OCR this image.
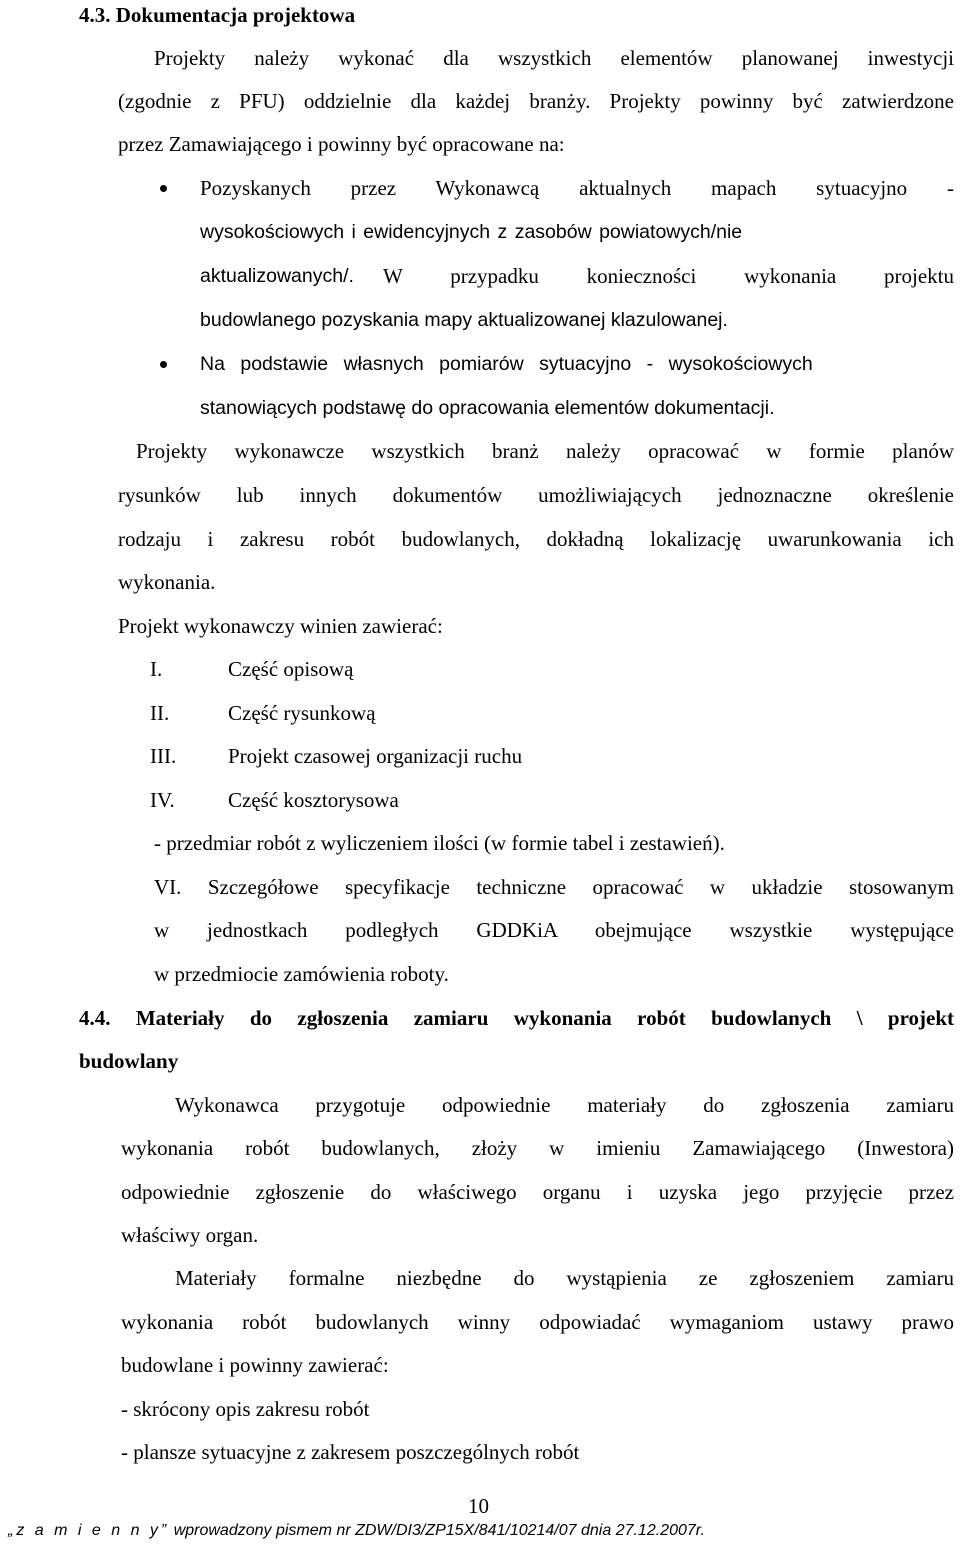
4.3. Dokumentacja projektowa
Projekty należy wykonać dla wszystkich elementów planowanej inwestycji
(zgodnie z PFU) oddzielnie dla każdej branży. Projekty powinny być zatwierdzone
przez Zamawiającego i powinny być opracowane na:
Pozyskanych przez Wykonawcą aktualnych mapach sytuacyjno -
wysokościowych i ewidencyjnych z zasobów powiatowych/nie
aktualizowanych/. W przypadku konieczności wykonania projektu
budowlanego pozyskania mapy aktualizowanej klazulowanej.
Na podstawie własnych pomiarów sytuacyjno - wysokościowych
stanowiących podstawę do opracowania elementów dokumentacji.
Projekty wykonawcze wszystkich branż należy opracować w formie planów
rysunków lub innych dokumentów umożliwiających jednoznaczne określenie
rodzaju i zakresu robót budowlanych, dokładną lokalizację uwarunkowania ich
wykonania.
Projekt wykonawczy winien zawierać:
I.	Część opisową
II.	Część rysunkową
III. Projekt czasowej organizacji ruchu
IV.	Część kosztorysowa
- przedmiar robót z wyliczeniem ilości (w formie tabel i zestawień).
VI. Szczegółowe specyfikacje techniczne opracować w układzie stosowanym
w jednostkach podległych GDDKiA obejmujące wszystkie występujące
w przedmiocie zamówienia roboty.
4.4. Materiały do zgłoszenia zamiaru wykonania robót budowlanych \ projekt
budowlany
Wykonawca przygotuje odpowiednie materiały do zgłoszenia zamiaru
wykonania robót budowlanych, złoży w imieniu Zamawiającego (Inwestora)
odpowiednie zgłoszenie do właściwego organu i uzyska jego przyjęcie przez
właściwy organ.
Materiały formalne niezbędne do wystąpienia ze zgłoszeniem zamiaru
wykonania robót budowlanych winny odpowiadać wymaganiom ustawy prawo
budowlane i powinny zawierać:
- skrócony opis zakresu robót
- plansze sytuacyjne z zakresem poszczególnych robót
10
„z a m i e n n y” wprowadzony pismem nr ZDW/DI3/ZP15X/841/10214/07 dnia 27.12.2007r.
